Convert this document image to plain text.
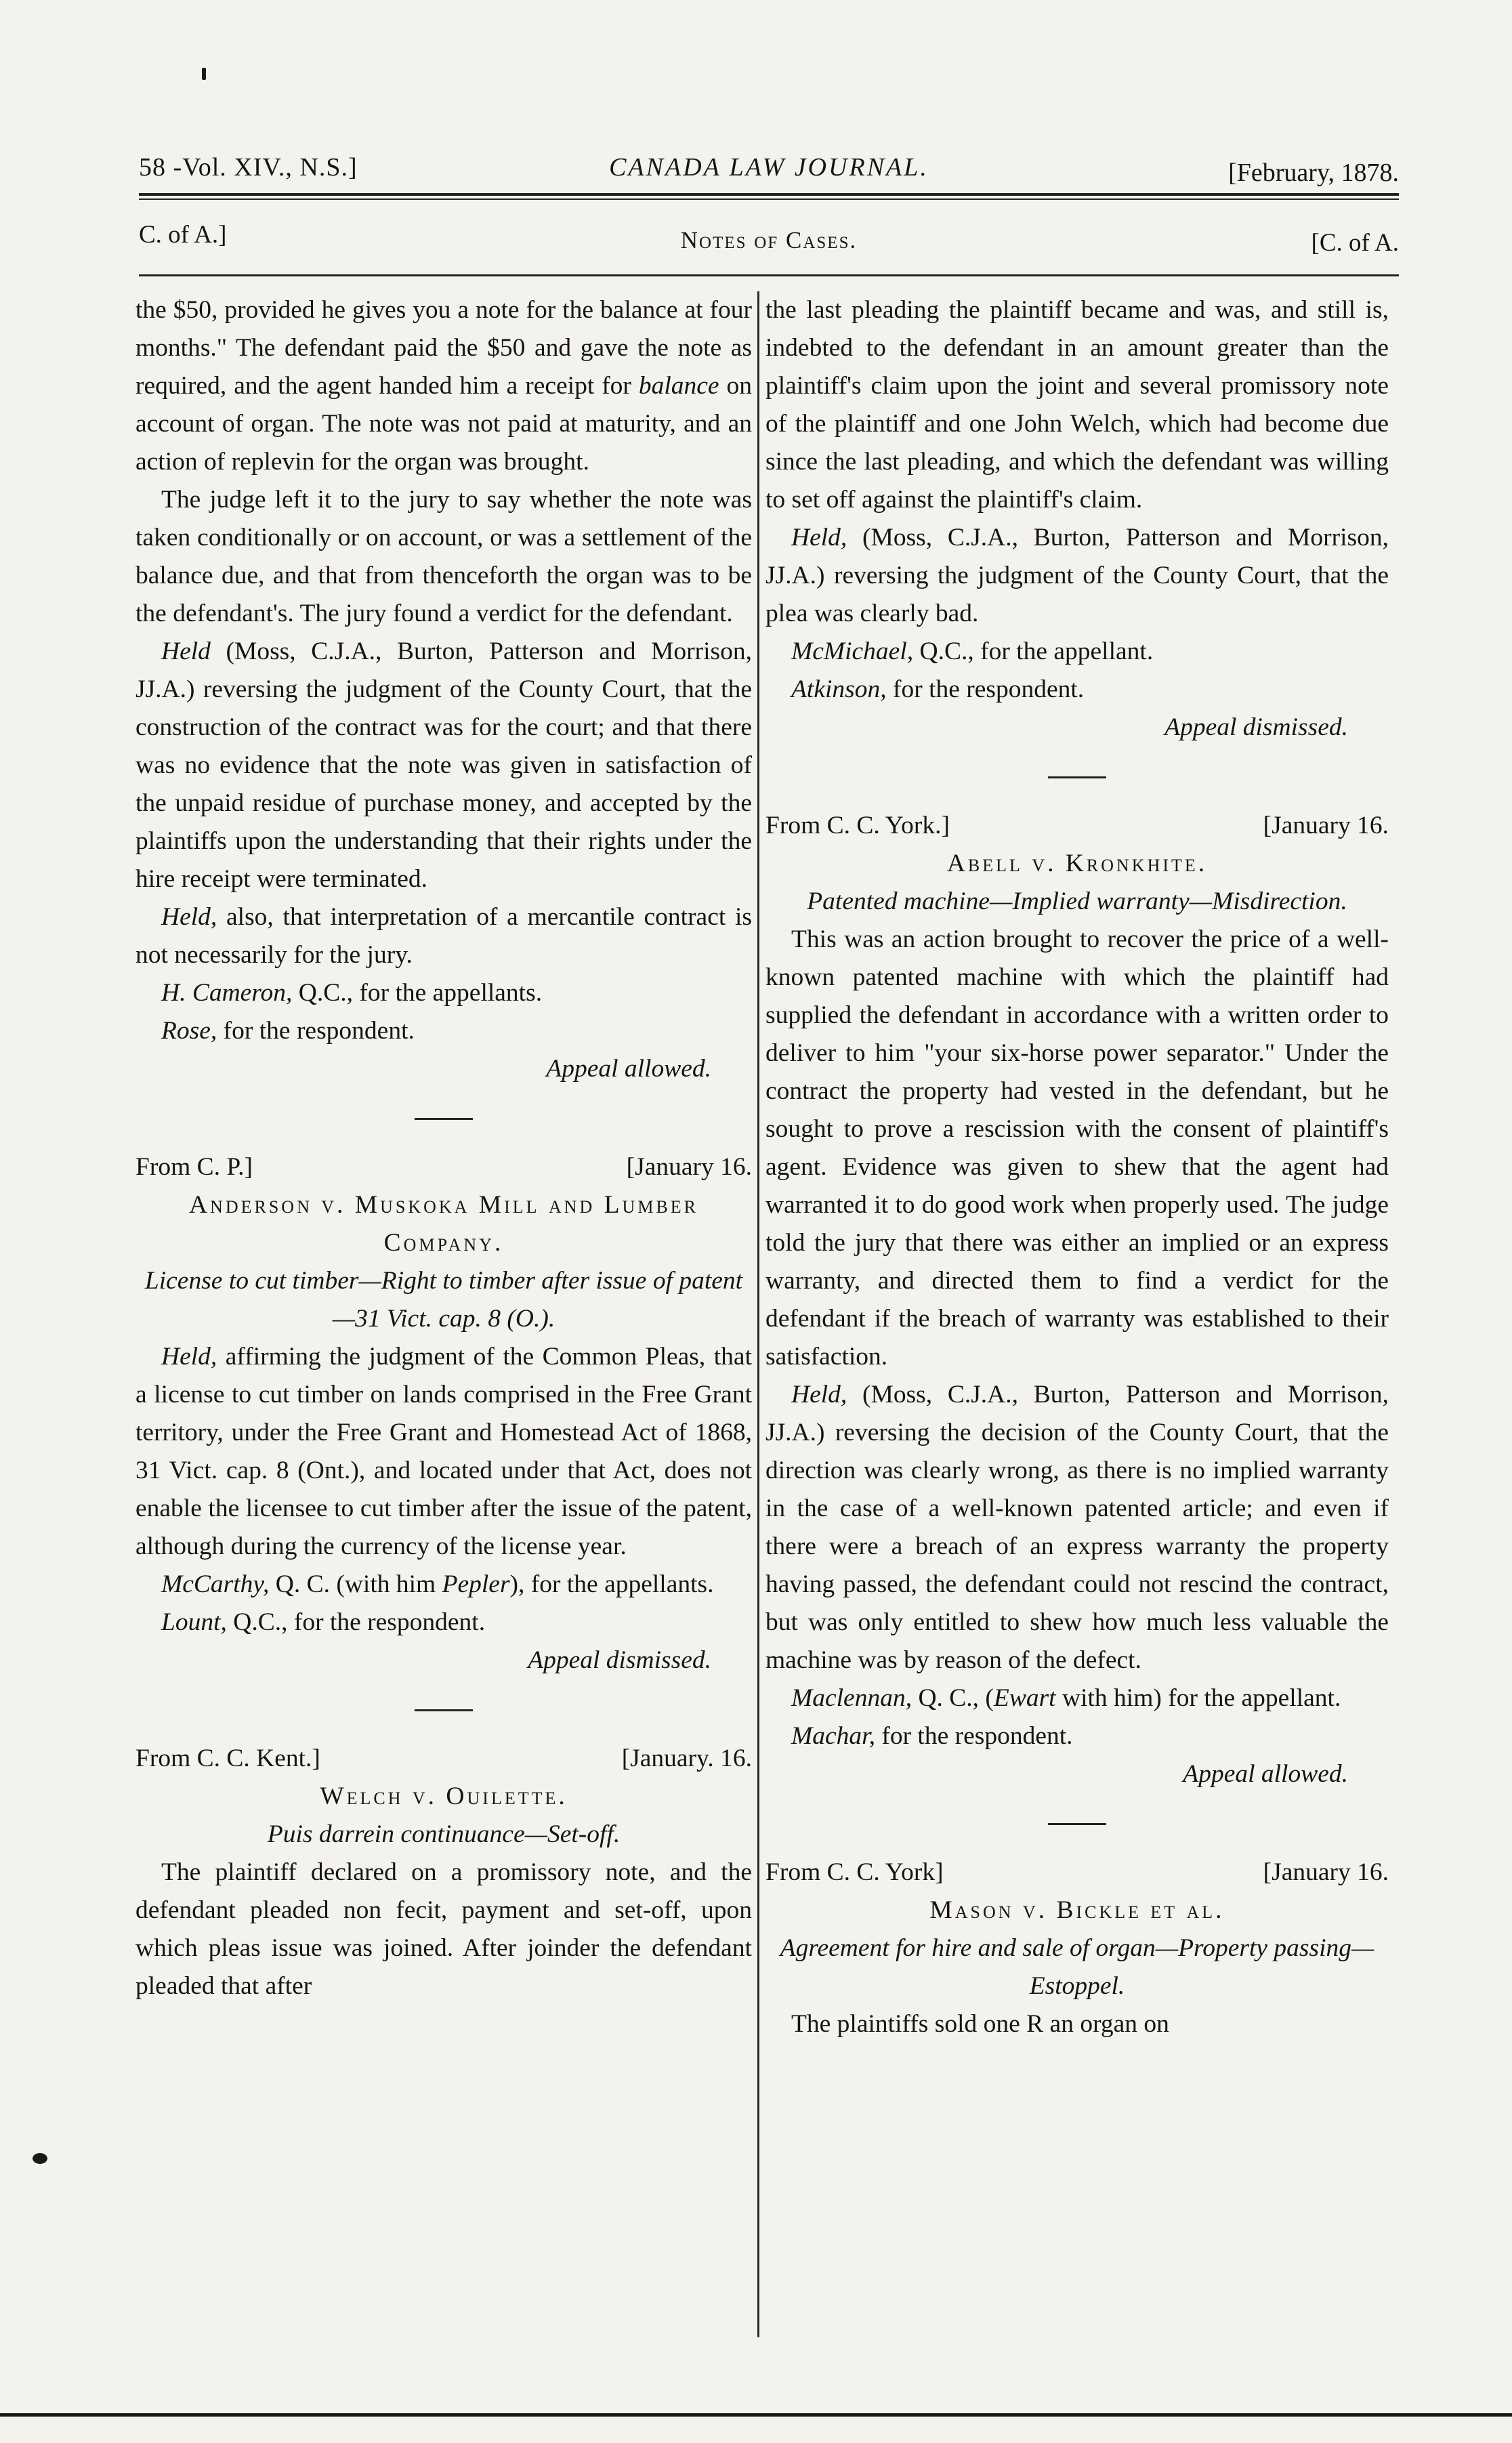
58 -Vol. XIV., N.S.]	CANADA LAW JOURNAL.	[February, 1878.
C. of A.]	Notes of Cases.	[C. of A.

the $50, provided he gives you a note for the balance at four months." The defendant paid the $50 and gave the note as required, and the agent handed him a receipt for balance on account of organ. The note was not paid at maturity, and an action of replevin for the organ was brought.

The judge left it to the jury to say whether the note was taken conditionally or on account, or was a settlement of the balance due, and that from thenceforth the organ was to be the defendant's. The jury found a verdict for the defendant.

Held (Moss, C.J.A., Burton, Patterson and Morrison, JJ.A.) reversing the judgment of the County Court, that the construction of the contract was for the court; and that there was no evidence that the note was given in satisfaction of the unpaid residue of purchase money, and accepted by the plaintiffs upon the understanding that their rights under the hire receipt were terminated.

Held, also, that interpretation of a mercantile contract is not necessarily for the jury.

H. Cameron, Q.C., for the appellants.

Rose, for the respondent.

Appeal allowed.

From C. P.]	[January 16.

Anderson v. Muskoka Mill and Lumber Company.

License to cut timber—Right to timber after issue of patent—31 Vict. cap. 8 (O.).

Held, affirming the judgment of the Common Pleas, that a license to cut timber on lands comprised in the Free Grant territory, under the Free Grant and Homestead Act of 1868, 31 Vict. cap. 8 (Ont.), and located under that Act, does not enable the licensee to cut timber after the issue of the patent, although during the currency of the license year.

McCarthy, Q. C. (with him Pepler), for the appellants.

Lount, Q.C., for the respondent.

Appeal dismissed.

From C. C. Kent.]	[January. 16.

Welch v. Ouilette.

Puis darrein continuance—Set-off.

The plaintiff declared on a promissory note, and the defendant pleaded non fecit, payment and set-off, upon which pleas issue was joined. After joinder the defendant pleaded that after

the last pleading the plaintiff became and was, and still is, indebted to the defendant in an amount greater than the plaintiff's claim upon the joint and several promissory note of the plaintiff and one John Welch, which had become due since the last pleading, and which the defendant was willing to set off against the plaintiff's claim.

Held, (Moss, C.J.A., Burton, Patterson and Morrison, JJ.A.) reversing the judgment of the County Court, that the plea was clearly bad.

McMichael, Q.C., for the appellant.

Atkinson, for the respondent.

Appeal dismissed.

From C. C. York.]	[January 16.

Abell v. Kronkhite.

Patented machine—Implied warranty—Misdirection.

This was an action brought to recover the price of a well-known patented machine with which the plaintiff had supplied the defendant in accordance with a written order to deliver to him "your six-horse power separator." Under the contract the property had vested in the defendant, but he sought to prove a rescission with the consent of plaintiff's agent. Evidence was given to shew that the agent had warranted it to do good work when properly used. The judge told the jury that there was either an implied or an express warranty, and directed them to find a verdict for the defendant if the breach of warranty was established to their satisfaction.

Held, (Moss, C.J.A., Burton, Patterson and Morrison, JJ.A.) reversing the decision of the County Court, that the direction was clearly wrong, as there is no implied warranty in the case of a well-known patented article; and even if there were a breach of an express warranty the property having passed, the defendant could not rescind the contract, but was only entitled to shew how much less valuable the machine was by reason of the defect.

Maclennan, Q. C., (Ewart with him) for the appellant.

Machar, for the respondent.

Appeal allowed.

From C. C. York]	[January 16.

Mason v. Bickle et al.

Agreement for hire and sale of organ—Property passing—Estoppel.

The plaintiffs sold one R an organ on
